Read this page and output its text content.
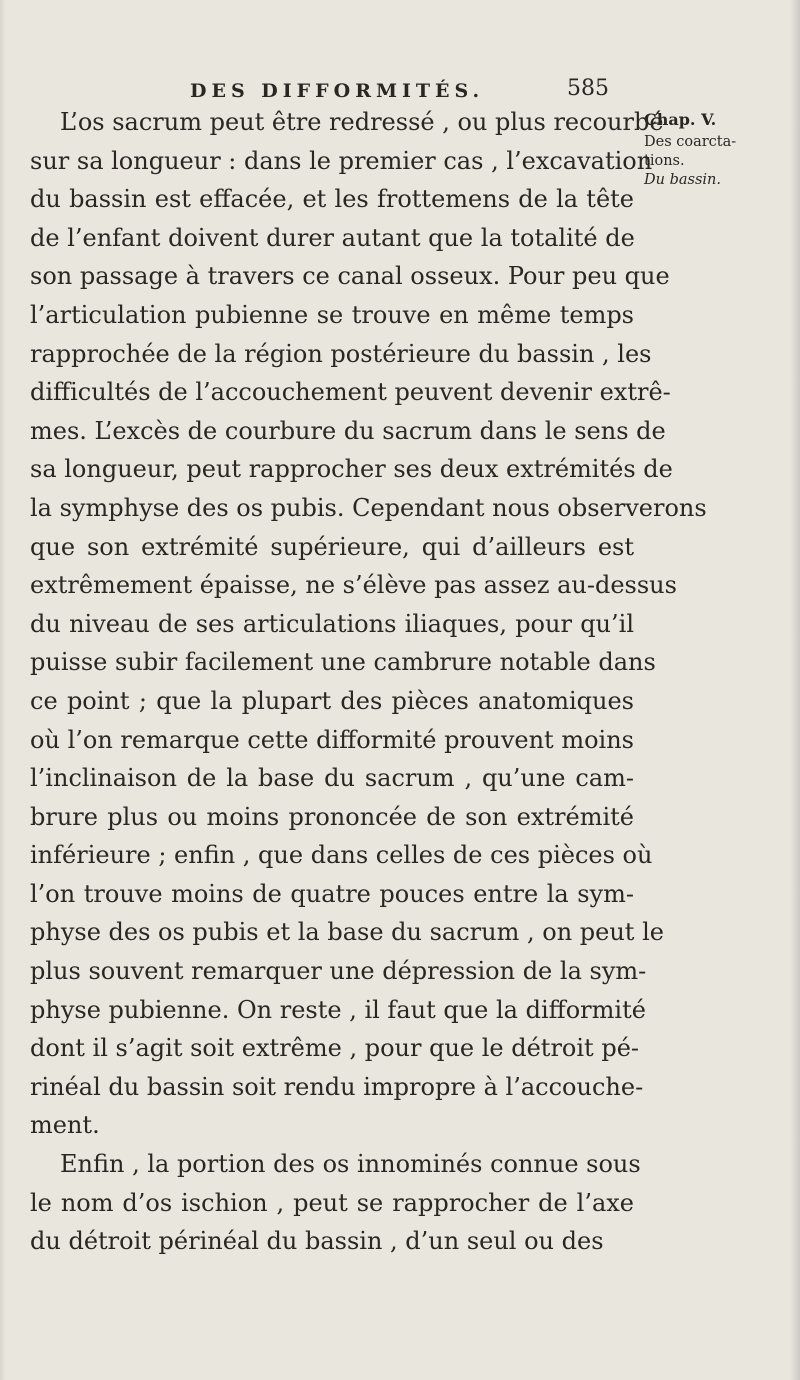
DES DIFFORMITÉS.	585
Chap. V.
Des coarcta-
tions.
Du bassin.
L’os sacrum peut être redressé , ou plus recourbé
sur sa longueur : dans le premier cas , l’excavation
du bassin est effacée, et les frottemens de la tête
de l’enfant doivent durer autant que la totalité de
son passage à travers ce canal osseux. Pour peu que
l’articulation pubienne se trouve en même temps
rapprochée de la région postérieure du bassin , les
difficultés de l’accouchement peuvent devenir extrê-
mes. L’excès de courbure du sacrum dans le sens de
sa longueur, peut rapprocher ses deux extrémités de
la symphyse des os pubis. Cependant nous observerons
que son extrémité supérieure, qui d’ailleurs est
extrêmement épaisse, ne s’élève pas assez au-dessus
du niveau de ses articulations iliaques, pour qu’il
puisse subir facilement une cambrure notable dans
ce point ; que la plupart des pièces anatomiques
où l’on remarque cette difformité prouvent moins
l’inclinaison de la base du sacrum , qu’une cam-
brure plus ou moins prononcée de son extrémité
inférieure ; enfin , que dans celles de ces pièces où
l’on trouve moins de quatre pouces entre la sym-
physe des os pubis et la base du sacrum , on peut le
plus souvent remarquer une dépression de la sym-
physe pubienne. On reste , il faut que la difformité
dont il s’agit soit extrême , pour que le détroit pé-
rinéal du bassin soit rendu impropre à l’accouche-
ment.
Enfin , la portion des os innominés connue sous
le nom d’os ischion , peut se rapprocher de l’axe
du détroit périnéal du bassin , d’un seul ou des
